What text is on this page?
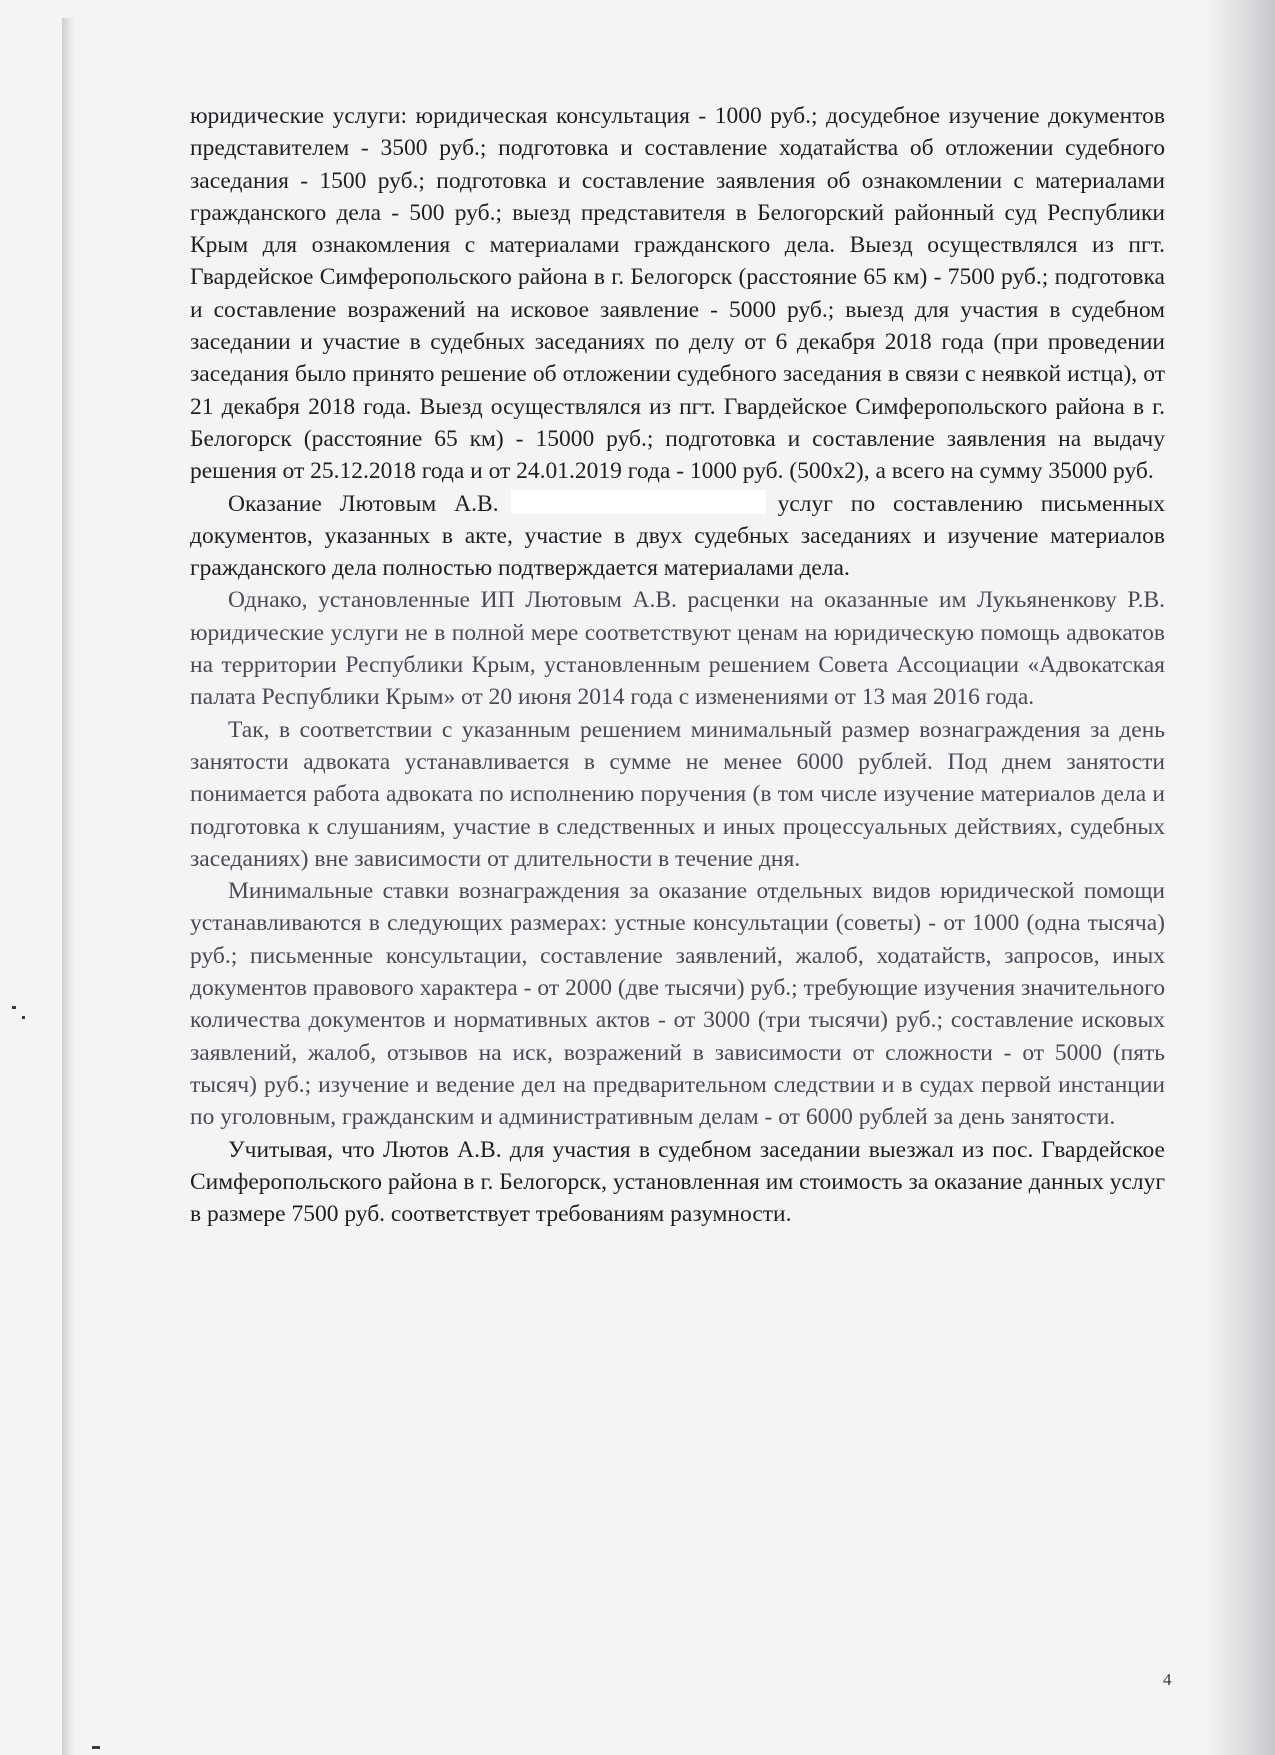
юридические услуги: юридическая консультация - 1000 руб.; досудебное изучение документов представителем - 3500 руб.; подготовка и составление ходатайства об отложении судебного заседания - 1500 руб.; подготовка и составление заявления об ознакомлении с материалами гражданского дела - 500 руб.; выезд представителя в Белогорский районный суд Республики Крым для ознакомления с материалами гражданского дела. Выезд осуществлялся из пгт. Гвардейское Симферопольского района в г. Белогорск (расстояние 65 км) - 7500 руб.; подготовка и составление возражений на исковое заявление - 5000 руб.; выезд для участия в судебном заседании и участие в судебных заседаниях по делу от 6 декабря 2018 года (при проведении заседания было принято решение об отложении судебного заседания в связи с неявкой истца), от 21 декабря 2018 года. Выезд осуществлялся из пгт. Гвардейское Симферопольского района в г. Белогорск (расстояние 65 км) - 15000 руб.; подготовка и составление заявления на выдачу решения от 25.12.2018 года и от 24.01.2019 года - 1000 руб. (500х2), а всего на сумму 35000 руб.

Оказание Лютовым А.В.	услуг по составлению письменных документов, указанных в акте, участие в двух судебных заседаниях и изучение материалов гражданского дела полностью подтверждается материалами дела.

Однако, установленные ИП Лютовым А.В. расценки на оказанные им Лукьяненкову Р.В. юридические услуги не в полной мере соответствуют ценам на юридическую помощь адвокатов на территории Республики Крым, установленным решением Совета Ассоциации «Адвокатская палата Республики Крым» от 20 июня 2014 года с изменениями от 13 мая 2016 года.

Так, в соответствии с указанным решением минимальный размер вознаграждения за день занятости адвоката устанавливается в сумме не менее 6000 рублей. Под днем занятости понимается работа адвоката по исполнению поручения (в том числе изучение материалов дела и подготовка к слушаниям, участие в следственных и иных процессуальных действиях, судебных заседаниях) вне зависимости от длительности в течение дня.

Минимальные ставки вознаграждения за оказание отдельных видов юридической помощи устанавливаются в следующих размерах: устные консультации (советы) - от 1000 (одна тысяча) руб.; письменные консультации, составление заявлений, жалоб, ходатайств, запросов, иных документов правового характера - от 2000 (две тысячи) руб.; требующие изучения значительного количества документов и нормативных актов - от 3000 (три тысячи) руб.; составление исковых заявлений, жалоб, отзывов на иск, возражений в зависимости от сложности - от 5000 (пять тысяч) руб.; изучение и ведение дел на предварительном следствии и в судах первой инстанции по уголовным, гражданским и административным делам - от 6000 рублей за день занятости.

Учитывая, что Лютов А.В. для участия в судебном заседании выезжал из пос. Гвардейское Симферопольского района в г. Белогорск, установленная им стоимость за оказание данных услуг в размере 7500 руб. соответствует требованиям разумности.

4
